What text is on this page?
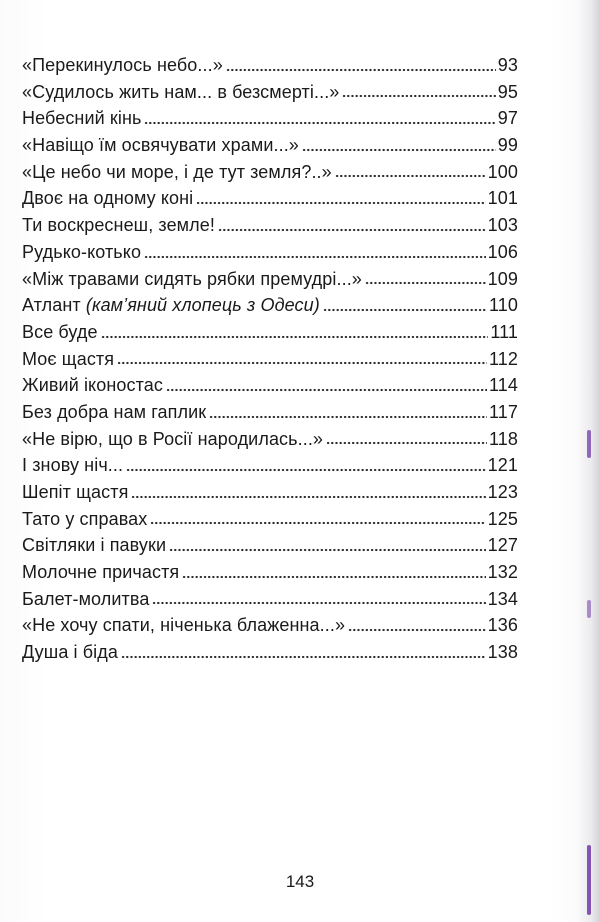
«Перекинулось небо...»	93
«Судилось жить нам... в безсмерті...»	95
Небесний кінь	97
«Навіщо їм освячувати храми...»	99
«Це небо чи море, і де тут земля?..»	100
Двоє на одному коні	101
Ти воскреснеш, земле!	103
Рудько-котько	106
«Між травами сидять рябки премудрі...»	109
Атлант (кам’яний хлопець з Одеси)	110
Все буде	111
Моє щастя	112
Живий іконостас	114
Без добра нам гаплик	117
«Не вірю, що в Росії народилась...»	118
І знову ніч...	121
Шепіт щастя	123
Тато у справах	125
Світляки і павуки	127
Молочне причастя	132
Балет-молитва	134
«Не хочу спати, ніченька блаженна...»	136
Душа і біда	138
143
